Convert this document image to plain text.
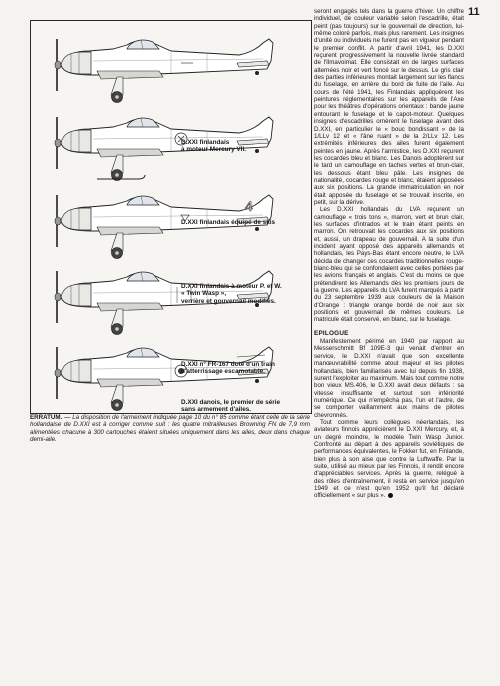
11
4
D.XXI finlandais
à moteur Mercury VII.
D.XXI finlandais équipé de skis
D.XXI finlandais à moteur P. et W.
« Twin Wasp »,
verrière et gouvernail modifiés.
D.XXI n° FR-167 doté d'un train
d'atterrissage escamotable.
D.XXI danois, le premier de série
sans armement d'ailes.
ERRATUM. — La disposition de l'armement indiquée page 10 du n° 85 comme étant celle de la série hollandaise de D.XXI est à corriger comme suit : les quatre mitrailleuses Browning FN de 7,9 mm alimentées chacune à 300 cartouches étaient situées uniquement dans les ailes, deux dans chaque demi-aile.

seront engagés tels dans la guerre d'hiver. Un chiffre individuel, de couleur variable selon l'escadrille, était peint (pas toujours) sur le gouvernail de direction, lui-même coloré parfois, mais plus rarement. Les insignes d'unité ou individuels ne furent pas en vigueur pendant le premier conflit. A partir d'avril 1941, les D.XXI reçurent progressivement la nouvelle livrée standard de l'Ilmavoimat. Elle consistait en de larges surfaces alternées noir et vert foncé sur le dessus. Le gris clair des parties inférieures montait largement sur les flancs du fuselage, en arrière du bord de fuite de l'aile. Au cours de l'été 1941, les Finlandais appliquèrent les peintures réglementaires sur les appareils de l'Axe pour les théâtres d'opérations orientaux : bande jaune entourant le fuselage et le capot-moteur. Quelques insignes d'escadrilles ornèrent le fuselage avant des D.XXI, en particulier le « bouc bondissant » de la 1/LLv 12 et « l'âne ruant » de la 2/LLv 12. Les extrémités inférieures des ailes furent également peintes en jaune. Après l'armistice, les D.XXI reçurent les cocardes bleu et blanc. Les Danois adoptèrent sur le tard un camouflage en taches vertes et brun-clair, les dessous étant bleu pâle. Les insignes de nationalité, cocardes rouge et blanc, étaient apposées aux six positions. La grande immatriculation en noir était apposée du fuselage et se trouvait inscrite, en petit, sur la dérive.

Les D.XXI hollandais du LVA reçurent un camouflage « trois tons », marron, vert et brun clair, les surfaces d'intrados et le train étant peints en marron. On retrouvait les cocardes aux six positions et, aussi, un drapeau de gouvernail. A la suite d'un incident ayant opposé des appareils allemands et hollandais, les Pays-Bas étant encore neutre, le LVA décida de changer ces cocardes traditionnelles rouge-blanc-bleu qui se confondaient avec celles portées par les avions français et anglais. C'est du moins ce que prétendirent les Allemands dès les premiers jours de la guerre. Les appareils du LVA furent marqués à partir du 23 septembre 1939 aux couleurs de la Maison d'Orange : triangle orange bordé de noir aux six positions et gouvernail de mêmes couleurs. Le matricule était conservé, en blanc, sur le fuselage.

EPILOGUE

Manifestement périmé en 1940 par rapport au Messerschmitt Bf 109E-3 qui venait d'entrer en service, le D.XXI n'avait que son excellente manœuvrabilité comme atout majeur et les pilotes hollandais, bien familiarisés avec lui depuis fin 1938, surent l'exploiter au maximum. Mais tout comme notre bon vieux MS.406, le D.XXI avait deux défauts : sa vitesse insuffisante et surtout son infériorité numérique. Ce qui n'empêcha pas, l'un et l'autre, de se comporter vaillamment aux mains de pilotes chevronnés.

Tout comme leurs collègues néerlandais, les aviateurs finnois apprécièrent le D.XXI Mercury, et, à un degré moindre, le modèle Twin Wasp Junior. Confronté au départ à des appareils soviétiques de performances équivalentes, le Fokker fut, en Finlande, bien plus à son aise que contre la Luftwaffe. Par la suite, utilisé au mieux par les Finnois, il rendit encore d'appréciables services. Après la guerre, relégué à des rôles d'entraînement, il resta en service jusqu'en 1949 et ce n'est qu'en 1952 qu'il fut déclaré officiellement « sur plus ».
